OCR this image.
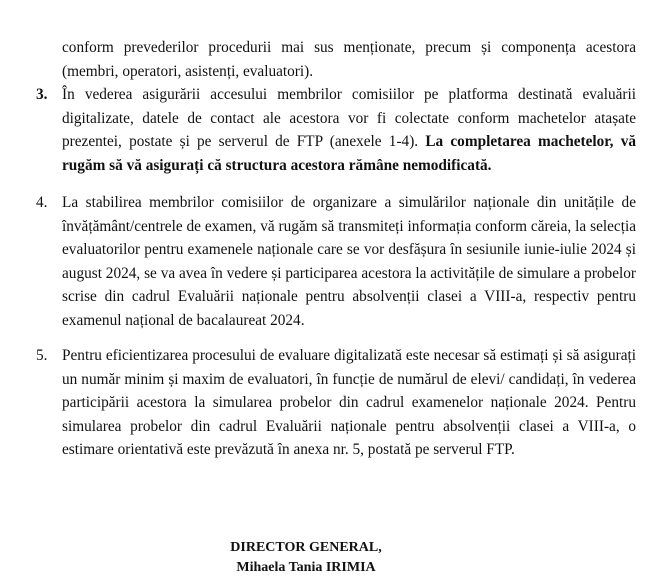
conform prevederilor procedurii mai sus menționate, precum și componența acestora (membri, operatori, asistenți, evaluatori).

3. În vederea asigurării accesului membrilor comisiilor pe platforma destinată evaluării digitalizate, datele de contact ale acestora vor fi colectate conform machetelor atașate prezentei, postate și pe serverul de FTP (anexele 1-4). La completarea machetelor, vă rugăm să vă asigurați că structura acestora rămâne nemodificată.

4. La stabilirea membrilor comisiilor de organizare a simulărilor naționale din unitățile de învățământ/centrele de examen, vă rugăm să transmiteți informația conform căreia, la selecția evaluatorilor pentru examenele naționale care se vor desfășura în sesiunile iunie-iulie 2024 și august 2024, se va avea în vedere și participarea acestora la activitățile de simulare a probelor scrise din cadrul Evaluării naționale pentru absolvenții clasei a VIII-a, respectiv pentru examenul național de bacalaureat 2024.

5. Pentru eficientizarea procesului de evaluare digitalizată este necesar să estimați și să asigurați un număr minim și maxim de evaluatori, în funcție de numărul de elevi/ candidați, în vederea participării acestora la simularea probelor din cadrul examenelor naționale 2024. Pentru simularea probelor din cadrul Evaluării naționale pentru absolvenții clasei a VIII-a, o estimare orientativă este prevăzută în anexa nr. 5, postată pe serverul FTP.

DIRECTOR GENERAL,
Mihaela Tania IRIMIA
